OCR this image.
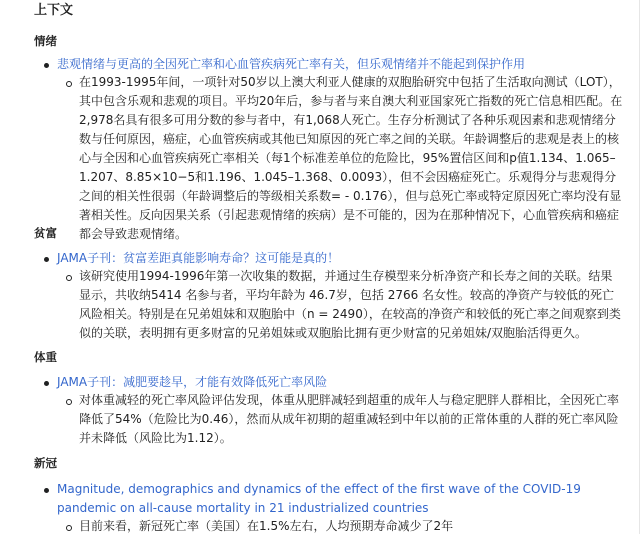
上下文
情绪
悲观情绪与更高的全因死亡率和心血管疾病死亡率有关，但乐观情绪并不能起到保护作用

在1993-1995年间，一项针对50岁以上澳大利亚人健康的双胞胎研究中包括了生活取向测试（LOT），其中包含乐观和悲观的项目。平均20年后，参与者与来自澳大利亚国家死亡指数的死亡信息相匹配。在2,978名具有很多可用分数的参与者中，有1,068人死亡。生存分析测试了各种乐观因素和悲观情绪分数与任何原因，癌症，心血管疾病或其他已知原因的死亡率之间的关联。年龄调整后的悲观是表上的核心与全因和心血管疾病死亡率相关（每1个标准差单位的危险比，95%置信区间和p值1.134、1.065–1.207、8.85×10−5和1.196、1.045–1.368、0.0093），但不会因癌症死亡。乐观得分与悲观得分之间的相关性很弱（年龄调整后的等级相关系数= - 0.176），但与总死亡率或特定原因死亡率均没有显著相关性。反向因果关系（引起悲观情绪的疾病）是不可能的，因为在那种情况下，心血管疾病和癌症都会导致悲观情绪。

贫富
JAMA子刊：贫富差距真能影响寿命？这可能是真的！

该研究使用1994-1996年第一次收集的数据，并通过生存模型来分析净资产和长寿之间的关联。结果显示，共收纳5414 名参与者，平均年龄为 46.7岁，包括 2766 名女性。较高的净资产与较低的死亡风险相关。特别是在兄弟姐妹和双胞胎中（n = 2490），在较高的净资产和较低的死亡率之间观察到类似的关联，表明拥有更多财富的兄弟姐妹或双胞胎比拥有更少财富的兄弟姐妹/双胞胎活得更久。

体重
JAMA子刊：减肥要趁早，才能有效降低死亡率风险

对体重减轻的死亡率风险评估发现，体重从肥胖减轻到超重的成年人与稳定肥胖人群相比，全因死亡率降低了54%（危险比为0.46），然而从成年初期的超重减轻到中年以前的正常体重的人群的死亡率风险并未降低（风险比为1.12）。

新冠
Magnitude, demographics and dynamics of the effect of the first wave of the COVID-19 pandemic on all-cause mortality in 21 industrialized countries

目前来看，新冠死亡率（美国）在1.5%左右，人均预期寿命减少了2年
